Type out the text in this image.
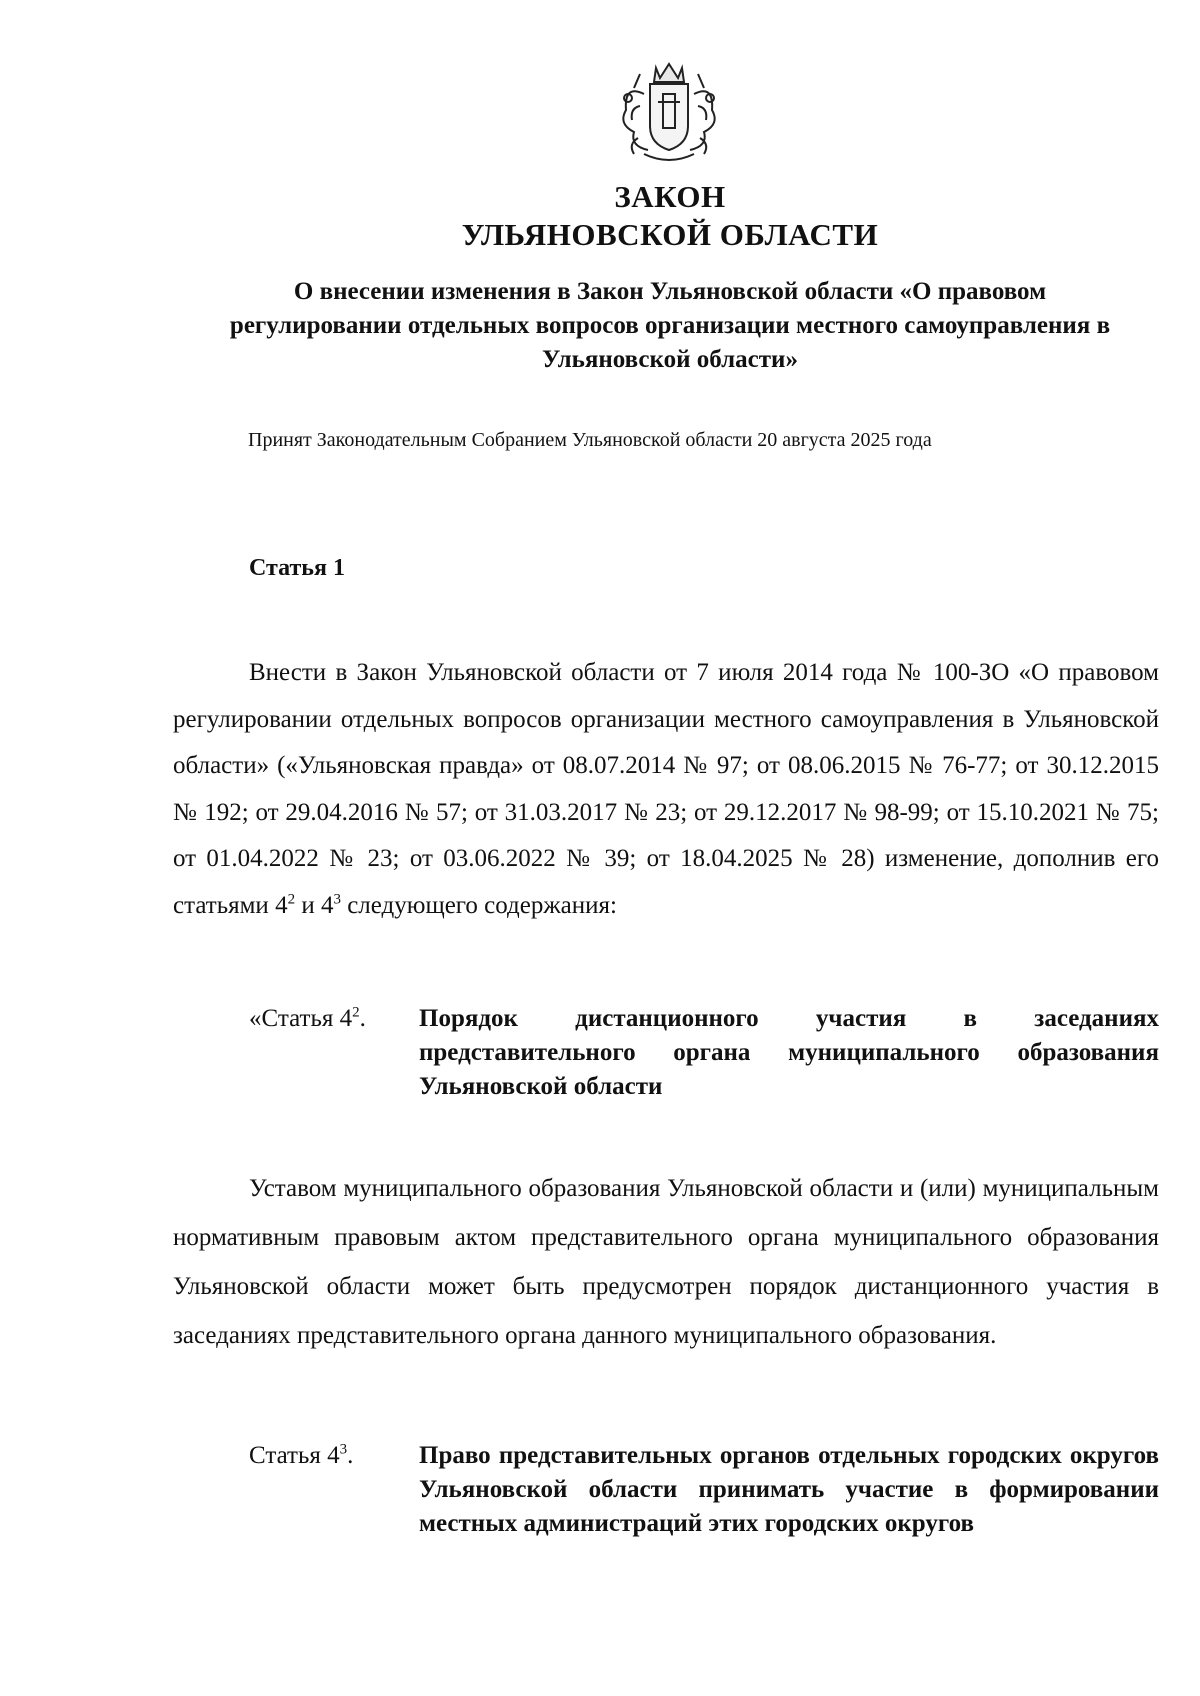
ЗАКОН
УЛЬЯНОВСКОЙ ОБЛАСТИ
О внесении изменения в Закон Ульяновской области «О правовом регулировании отдельных вопросов организации местного самоуправления в Ульяновской области»
Принят Законодательным Собранием Ульяновской области 20 августа 2025 года
Статья 1
Внести в Закон Ульяновской области от 7 июля 2014 года № 100-ЗО «О правовом регулировании отдельных вопросов организации местного самоуправления в Ульяновской области» («Ульяновская правда» от 08.07.2014 № 97; от 08.06.2015 № 76-77; от 30.12.2015 № 192; от 29.04.2016 № 57; от 31.03.2017 № 23; от 29.12.2017 № 98-99; от 15.10.2021 № 75; от 01.04.2022 № 23; от 03.06.2022 № 39; от 18.04.2025 № 28) изменение, дополнив его статьями $4^2$ и $4^3$ следующего содержания:
«Статья $4^2$. Порядок дистанционного участия в заседаниях представительного органа муниципального образования Ульяновской области
Уставом муниципального образования Ульяновской области и (или) муниципальным нормативным правовым актом представительного органа муниципального образования Ульяновской области может быть предусмотрен порядок дистанционного участия в заседаниях представительного органа данного муниципального образования.
Статья $4^3$.	Право представительных органов отдельных городских округов Ульяновской области принимать участие в формировании местных администраций этих городских округов
